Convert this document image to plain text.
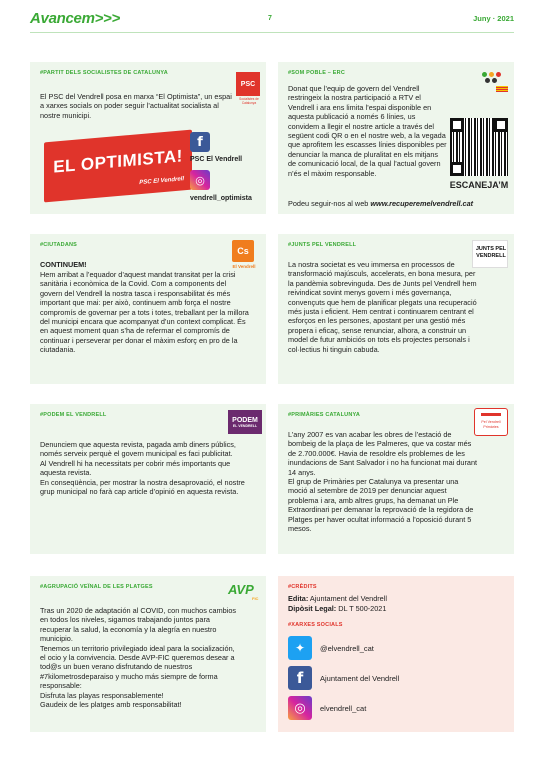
Avancem>>>	7	Juny · 2021
#PARTIT DELS SOCIALISTES DE CATALUNYA
PSC
Socialistes de Catalunya
El PSC del Vendrell posa en marxa “El Optimista”, un espai a xarxes socials on poder seguir l’actualitat socialista al nostre municipi.
EL OPTIMISTA!
PSC El Vendrell
f
PSC El Vendrell
◎
vendrell_optimista
#SOM POBLE – ERC
Donat que l’equip de govern del Vendrell restringeix la nostra participació a RTV el Vendrell i ara ens limita l’espai disponible en aquesta publicació a només 6 línies, us convidem a llegir el nostre article a través del següent codi QR o en el nostre web, a la vegada que aprofitem les escasses línies disponibles per denunciar la manca de pluralitat en els mitjans de comunicació local, de la qual l’actual govern n’és el màxim responsable.
ESCANEJA’M
Podeu seguir-nos al web www.recuperemelvendrell.cat
#CIUTADANS
Cs
El Vendrell
CONTINUEM!
Hem arribat a l’equador d’aquest mandat transitat per la crisi sanitària i econòmica de la Covid. Com a components del govern del Vendrell la nostra tasca i responsabilitat és més important que mai: per això, continuem amb força el nostre compromís de governar per a tots i totes, treballant per la millora del municipi encara que acompanyat d’un context complicat. És en aquest moment quan s’ha de refermar el compromís de continuar i perseverar per donar el màxim esforç en pro de la ciutadania.
#JUNTS PEL VENDRELL
JUNTS PEL VENDRELL
La nostra societat es veu immersa en processos de transformació majúsculs, accelerats, en bona mesura, per la pandèmia sobrevinguda. Des de Junts pel Vendrell hem reivindicat sovint menys govern i més governança, convençuts que hem de planificar plegats una recuperació més justa i eficient. Hem centrat i continuarem centrant el esforços en les persones, apostant per una gestió més propera i eficaç, sense renunciar, alhora, a construir un model de futur ambiciós on tots els projectes personals i col·lectius hi tinguin cabuda.
#PODEM EL VENDRELL
PODEM
EL VENDRELL

Denunciem que aquesta revista, pagada amb diners públics, només serveix perquè el govern municipal es faci publicitat.

Al Vendrell hi ha necessitats per cobrir més importants que aquesta revista.

En conseqüència, per mostrar la nostra desaprovació, el nostre grup municipal no farà cap article d’opinió en aquesta revista.

#PRIMÀRIES CATALUNYA
Pel Vendrell Primàries

L’any 2007 es van acabar les obres de l’estació de bombeig de la plaça de les Palmeres, que va costar més de 2.700.000€. Havia de resoldre els problemes de les inundacions de Sant Salvador i no ha funcionat mai durant 14 anys.

El grup de Primàries per Catalunya va presentar una moció al setembre de 2019 per denunciar aquest problema i ara, amb altres grups, ha demanat un Ple Extraordinari per demanar la reprovació de la regidora de Platges per haver ocultat informació a l’oposició durant 5 mesos.

#AGRUPACIÓ VEÏNAL DE LES PLATGES	AVP
FIC

Tras un 2020 de adaptación al COVID, con muchos cambios en todos los niveles, sigamos trabajando juntos para recuperar la salud, la economía y la alegría en nuestro municipio.

Tenemos un territorio privilegiado ideal para la socialización, el ocio y la convivencia. Desde AVP-FIC queremos desear a tod@s un buen verano disfrutando de nuestros #7kilometrosdeparaiso y mucho más siempre de forma responsable:

Disfruta las playas responsablemente!

Gaudeix de les platges amb responsabilitat!

#CRÈDITS
Edita: Ajuntament del Vendrell
Dipòsit Legal: DL T 500-2021
#XARXES SOCIALS
✦	@elvendrell_cat
f	Ajuntament del Vendrell
◎	elvendrell_cat
